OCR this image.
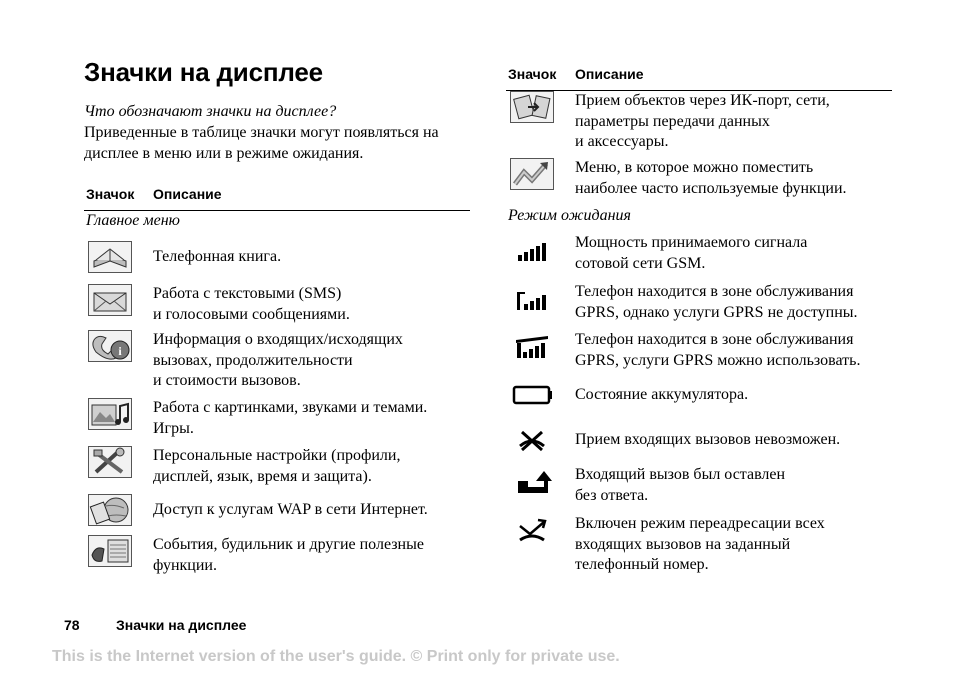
Значки на дисплее
Что обозначают значки на дисплее?
Приведенные в таблице значки могут появляться на дисплее в меню или в режиме ожидания.
Значок Описание
Главное меню
Телефонная книга.
Работа с текстовыми (SMS)
и голосовыми сообщениями.
i
Информация о входящих/исходящих
вызовах, продолжительности
и стоимости вызовов.
Работа с картинками, звуками и темами.
Игры.
Персональные настройки (профили,
дисплей, язык, время и защита).
Доступ к услугам WAP в сети Интернет.
События, будильник и другие полезные
функции.
Значок Описание
Прием объектов через ИК-порт, сети,
параметры передачи данных
и аксессуары.
Меню, в которое можно поместить
наиболее часто используемые функции.
Режим ожидания
Мощность принимаемого сигнала
сотовой сети GSM.
Телефон находится в зоне обслуживания
GPRS, однако услуги GPRS не доступны.
Телефон находится в зоне обслуживания
GPRS, услуги GPRS можно использовать.
Состояние аккумулятора.
Прием входящих вызовов невозможен.
Входящий вызов был оставлен
без ответа.
Включен режим переадресации всех
входящих вызовов на заданный
телефонный номер.
78	Значки на дисплее
This is the Internet version of the user's guide. © Print only for private use.
